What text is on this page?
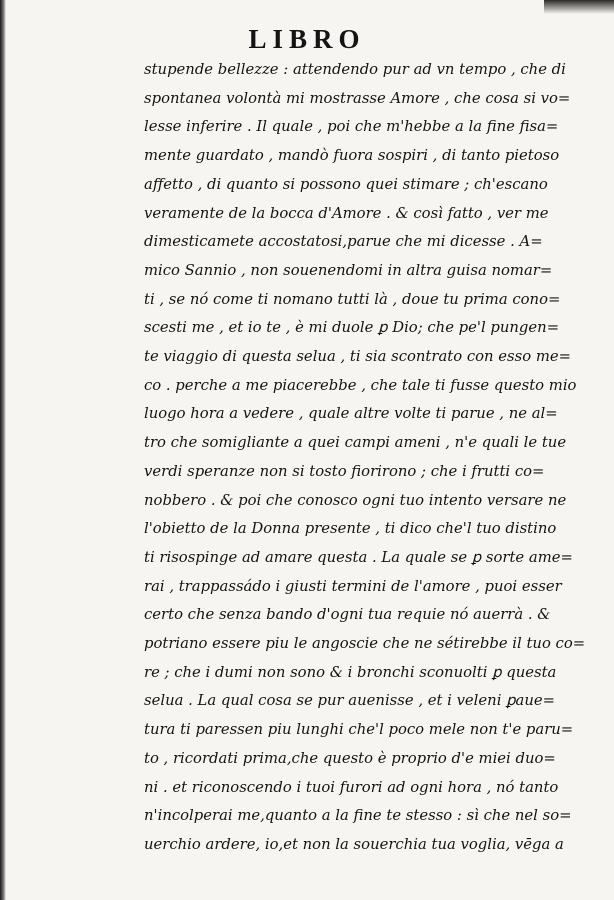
LIBRO
stupende bellezze : attendendo pur ad vn tempo , che di
spontanea volontà mi mostrasse Amore , che cosa si vo=
lesse inferire . Il quale , poi che m'hebbe a la fine fisa=
mente guardato , mandò fuora sospiri , di tanto pietoso
affetto , di quanto si possono quei stimare ; ch'escano
veramente de la bocca d'Amore . & così fatto , ver me
dimesticamete accostatosi,parue che mi dicesse . A=
mico Sannio , non souenendomi in altra guisa nomar=
ti , se nó come ti nomano tutti là , doue tu prima cono=
scesti me , et io te , è mi duole ꝑ Dio; che pe'l pungen=
te viaggio di questa selua , ti sia scontrato con esso me=
co . perche a me piacerebbe , che tale ti fusse questo mio
luogo hora a vedere , quale altre volte ti parue , ne al=
tro che somigliante a quei campi ameni , n'e quali le tue
verdi speranze non si tosto fiorirono ; che i frutti co=
nobbero . & poi che conosco ogni tuo intento versare ne
l'obietto de la Donna presente , ti dico che'l tuo distino
ti risospinge ad amare questa . La quale se ꝑ sorte ame=
rai , trappassádo i giusti termini de l'amore , puoi esser
certo che senza bando d'ogni tua requie nó auerrà . &
potriano essere piu le angoscie che ne sétirebbe il tuo co=
re ; che i dumi non sono & i bronchi sconuolti ꝑ questa
selua . La qual cosa se pur auenisse , et i veleni ꝑaue=
tura ti paressen piu lunghi che'l poco mele non t'e paru=
to , ricordati prima,che questo è proprio d'e miei duo=
ni . et riconoscendo i tuoi furori ad ogni hora , nó tanto
n'incolperai me,quanto a la fine te stesso : sì che nel so=
uerchio ardere, io,et non la souerchia tua voglia, vēga a
